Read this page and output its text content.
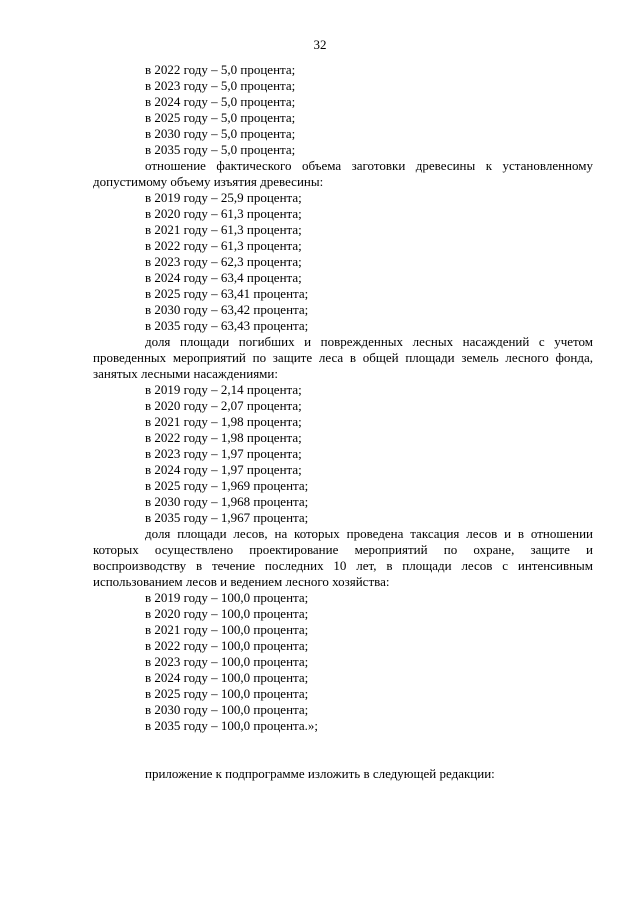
32
в 2022 году – 5,0 процента;
в 2023 году – 5,0 процента;
в 2024 году – 5,0 процента;
в 2025 году – 5,0 процента;
в 2030 году – 5,0 процента;
в 2035 году – 5,0 процента;
отношение фактического объема заготовки древесины к установленному допустимому объему изъятия древесины:
в 2019 году – 25,9 процента;
в 2020 году – 61,3 процента;
в 2021 году – 61,3 процента;
в 2022 году – 61,3 процента;
в 2023 году – 62,3 процента;
в 2024 году – 63,4 процента;
в 2025 году – 63,41 процента;
в 2030 году – 63,42 процента;
в 2035 году – 63,43 процента;
доля площади погибших и поврежденных лесных насаждений с учетом проведенных мероприятий по защите леса в общей площади земель лесного фонда, занятых лесными насаждениями:
в 2019 году – 2,14 процента;
в 2020 году – 2,07 процента;
в 2021 году – 1,98 процента;
в 2022 году – 1,98 процента;
в 2023 году – 1,97 процента;
в 2024 году – 1,97 процента;
в 2025 году – 1,969 процента;
в 2030 году – 1,968 процента;
в 2035 году – 1,967 процента;
доля площади лесов, на которых проведена таксация лесов и в отношении которых осуществлено проектирование мероприятий по охране, защите и воспроизводству в течение последних 10 лет, в площади лесов с интенсивным использованием лесов и ведением лесного хозяйства:
в 2019 году – 100,0 процента;
в 2020 году – 100,0 процента;
в 2021 году – 100,0 процента;
в 2022 году – 100,0 процента;
в 2023 году – 100,0 процента;
в 2024 году – 100,0 процента;
в 2025 году – 100,0 процента;
в 2030 году – 100,0 процента;
в 2035 году – 100,0 процента.»;
приложение к подпрограмме изложить в следующей редакции:
